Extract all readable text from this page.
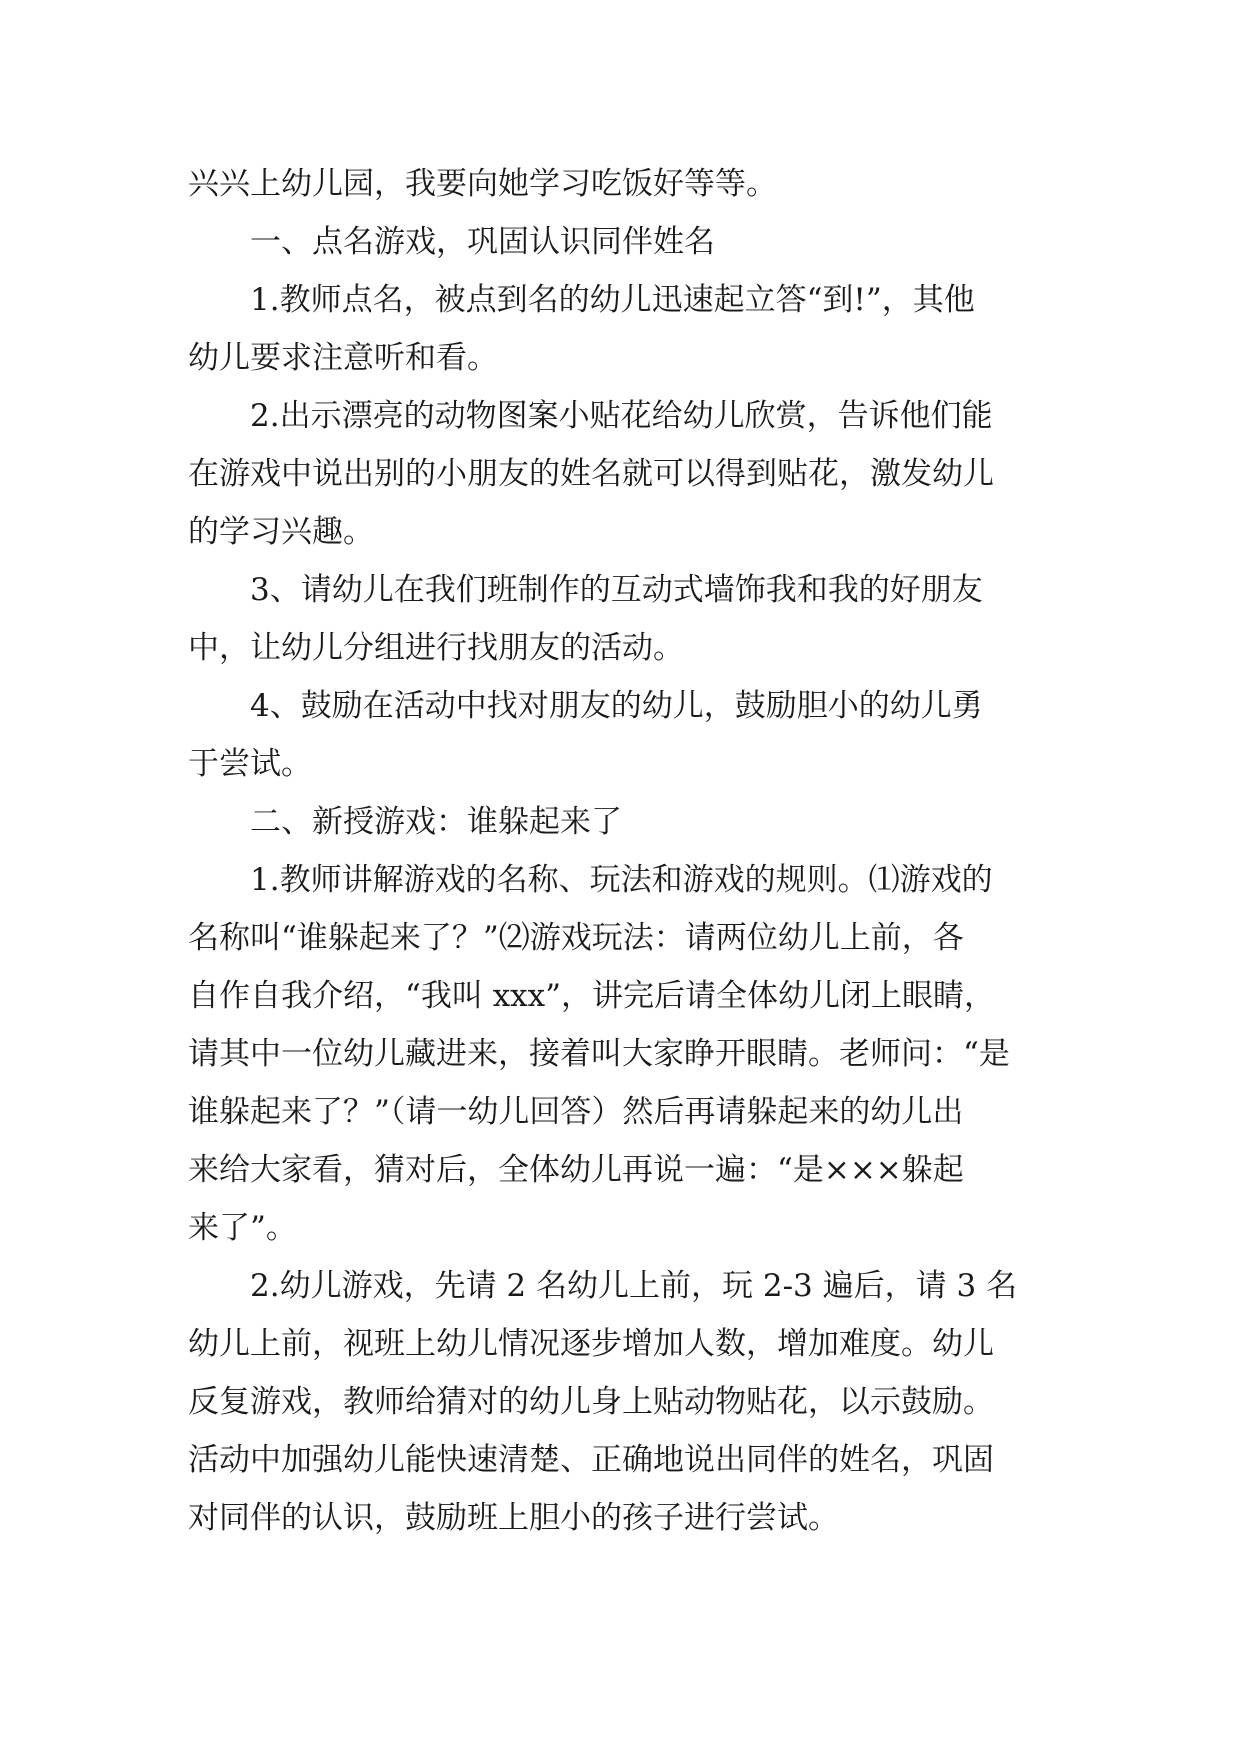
兴兴上幼儿园，我要向她学习吃饭好等等。
一、点名游戏，巩固认识同伴姓名
1.教师点名，被点到名的幼儿迅速起立答“到!”，其他
幼儿要求注意听和看。
2.出示漂亮的动物图案小贴花给幼儿欣赏，告诉他们能
在游戏中说出别的小朋友的姓名就可以得到贴花，激发幼儿
的学习兴趣。
3、请幼儿在我们班制作的互动式墙饰我和我的好朋友
中，让幼儿分组进行找朋友的活动。
4、鼓励在活动中找对朋友的幼儿，鼓励胆小的幼儿勇
于尝试。
二、新授游戏：谁躲起来了
1.教师讲解游戏的名称、玩法和游戏的规则。⑴游戏的
名称叫“谁躲起来了？”⑵游戏玩法：请两位幼儿上前，各
自作自我介绍，“我叫 xxx”，讲完后请全体幼儿闭上眼睛，
请其中一位幼儿藏进来，接着叫大家睁开眼睛。老师问：“是
谁躲起来了？”（请一幼儿回答）然后再请躲起来的幼儿出
来给大家看，猜对后，全体幼儿再说一遍：“是×××躲起
来了”。
2.幼儿游戏，先请 2 名幼儿上前，玩 2-3 遍后，请 3 名
幼儿上前，视班上幼儿情况逐步增加人数，增加难度。幼儿
反复游戏，教师给猜对的幼儿身上贴动物贴花，以示鼓励。
活动中加强幼儿能快速清楚、正确地说出同伴的姓名，巩固
对同伴的认识，鼓励班上胆小的孩子进行尝试。
